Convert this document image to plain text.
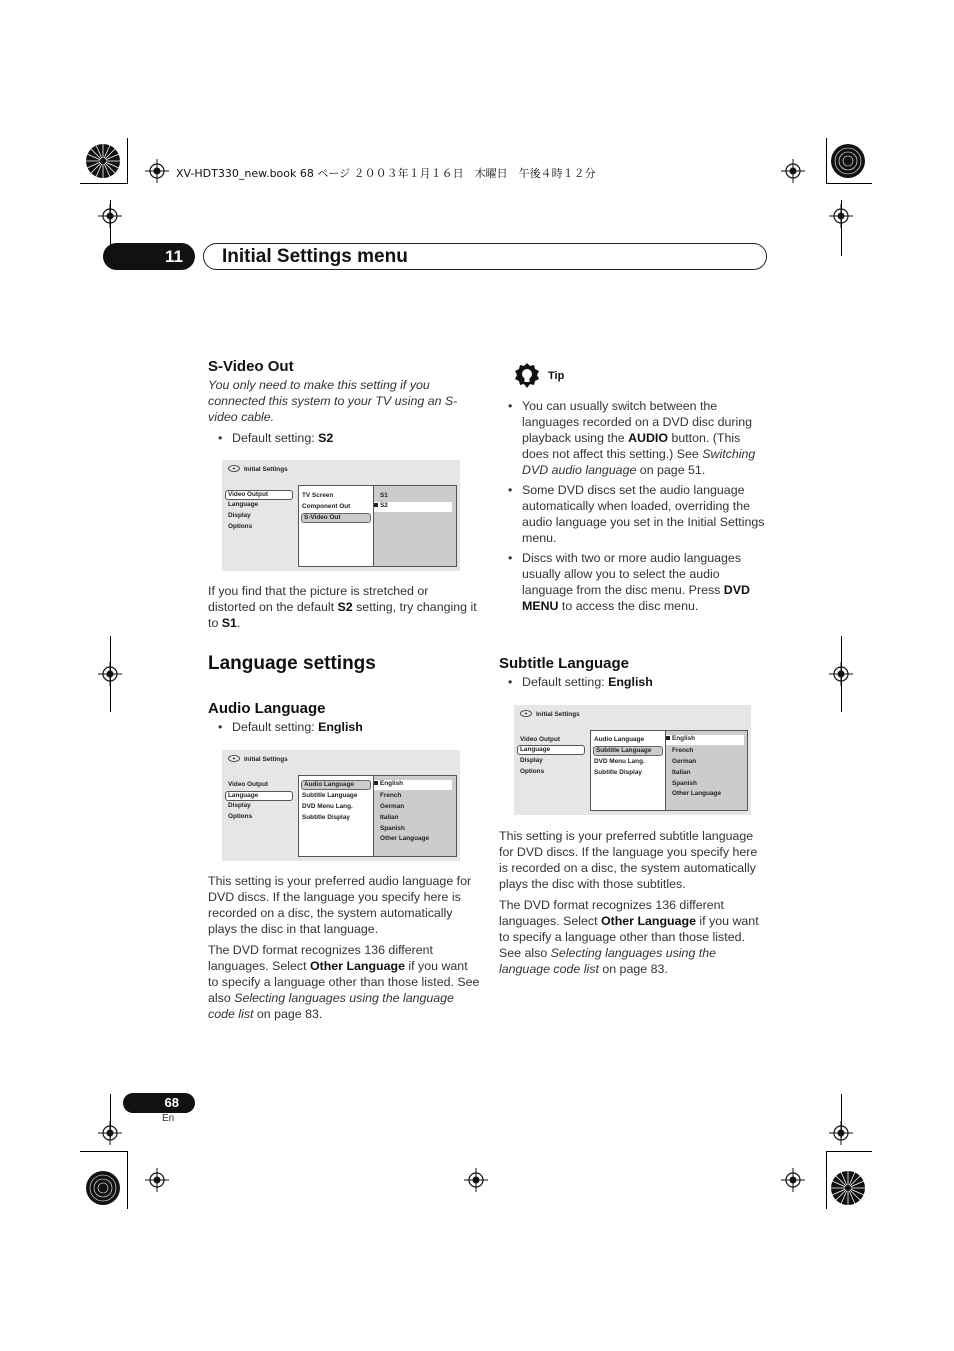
XV-HDT330_new.book 68 ページ ２００３年１月１６日　木曜日　午後４時１２分
11	Initial Settings menu
S-Video Out

You only need to make this setting if you connected this system to your TV using an S-video cable.

• Default setting: S2
Initial Settings
Video Output
Language
Display
Options
TV Screen
Component Out
S-Video Out
S1
S2

If you find that the picture is stretched or distorted on the default S2 setting, try changing it to S1.

Language settings
Audio Language
• Default setting: English
Initial Settings
Video Output
Language
Display
Options
Audio Language
Subtitle Language
DVD Menu Lang.
Subtitle Display
English
French
German
Italian
Spanish
Other Language

This setting is your preferred audio language for DVD discs. If the language you specify here is recorded on a disc, the system automatically plays the disc in that language.

The DVD format recognizes 136 different languages. Select Other Language if you want to specify a language other than those listed. See also Selecting languages using the language code list on page 83.

Tip
• You can usually switch between the languages recorded on a DVD disc during playback using the AUDIO button. (This does not affect this setting.) See Switching DVD audio language on page 51.
• Some DVD discs set the audio language automatically when loaded, overriding the audio language you set in the Initial Settings menu.
• Discs with two or more audio languages usually allow you to select the audio language from the disc menu. Press DVD MENU to access the disc menu.
Subtitle Language
• Default setting: English
Initial Settings
Video Output
Language
Display
Options
Audio Language
Subtitle Language
DVD Menu Lang.
Subtitle Display
English
French
German
Italian
Spanish
Other Language

This setting is your preferred subtitle language for DVD discs. If the language you specify here is recorded on a disc, the system automatically plays the disc with those subtitles.

The DVD format recognizes 136 different languages. Select Other Language if you want to specify a language other than those listed. See also Selecting languages using the language code list on page 83.

68
En
